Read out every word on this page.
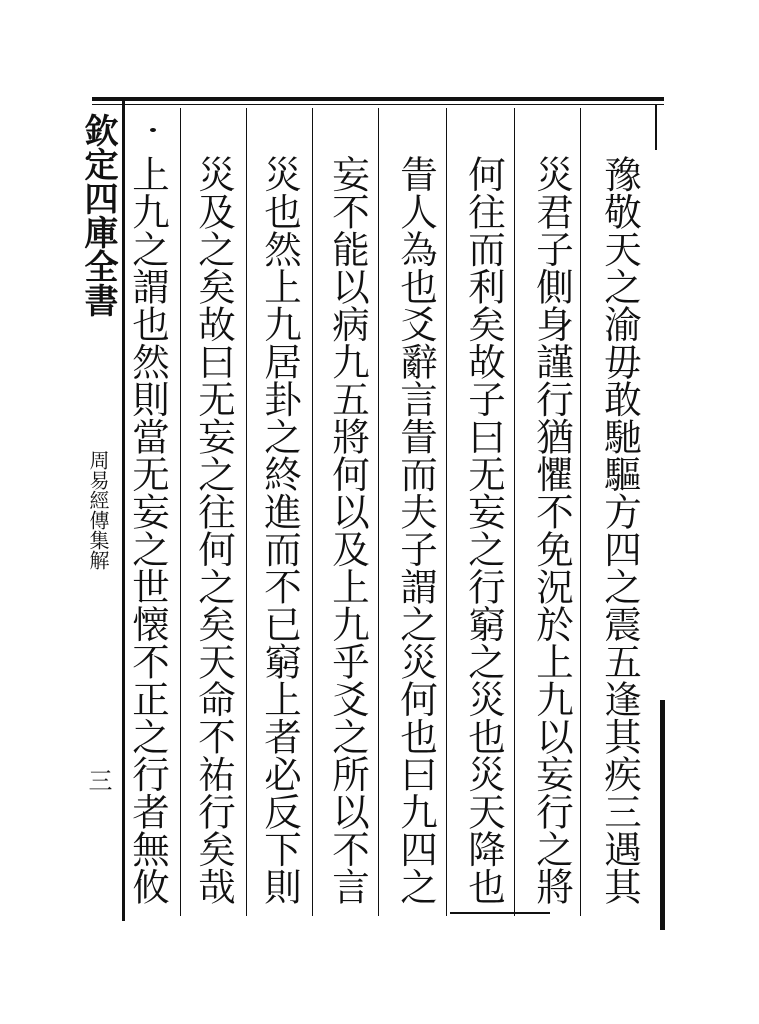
欽定四庫全書
周易經傳集解
三	豫敬天之渝毋敢馳驅方四之震五逢其疾三遇其
災君子側身謹行猶懼不免況於上九以妄行之將
何往而利矣故子曰无妄之行窮之災也災天降也
眚人為也爻辭言眚而夫子謂之災何也曰九四之
妄不能以病九五將何以及上九乎爻之所以不言
災也然上九居卦之終進而不已窮上者必反下則
災及之矣故曰无妄之往何之矣天命不祐行矣哉
上九之謂也然則當无妄之世懐不正之行者無攸
